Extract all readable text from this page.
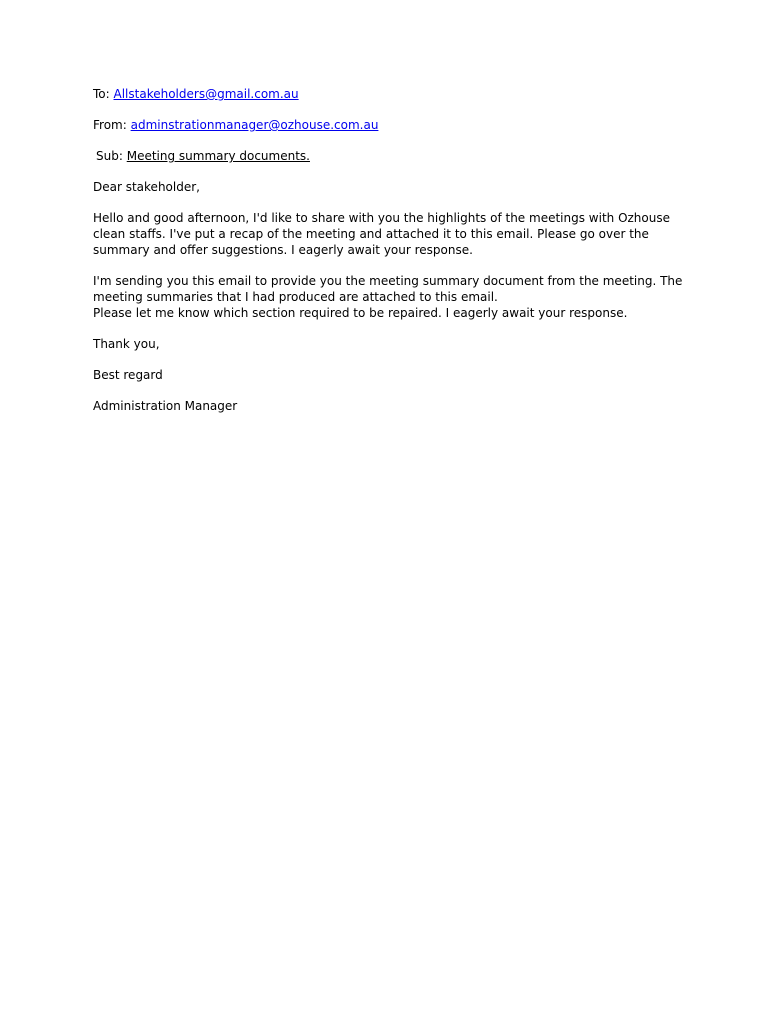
To: Allstakeholders@gmail.com.au

From: adminstrationmanager@ozhouse.com.au

Sub: Meeting summary documents.

Dear stakeholder,

Hello and good afternoon, I'd like to share with you the highlights of the meetings with Ozhouse

clean staffs. I've put a recap of the meeting and attached it to this email. Please go over the

summary and offer suggestions. I eagerly await your response.

I'm sending you this email to provide you the meeting summary document from the meeting. The

meeting summaries that I had produced are attached to this email.

Please let me know which section required to be repaired. I eagerly await your response.

Thank you,

Best regard

Administration Manager
